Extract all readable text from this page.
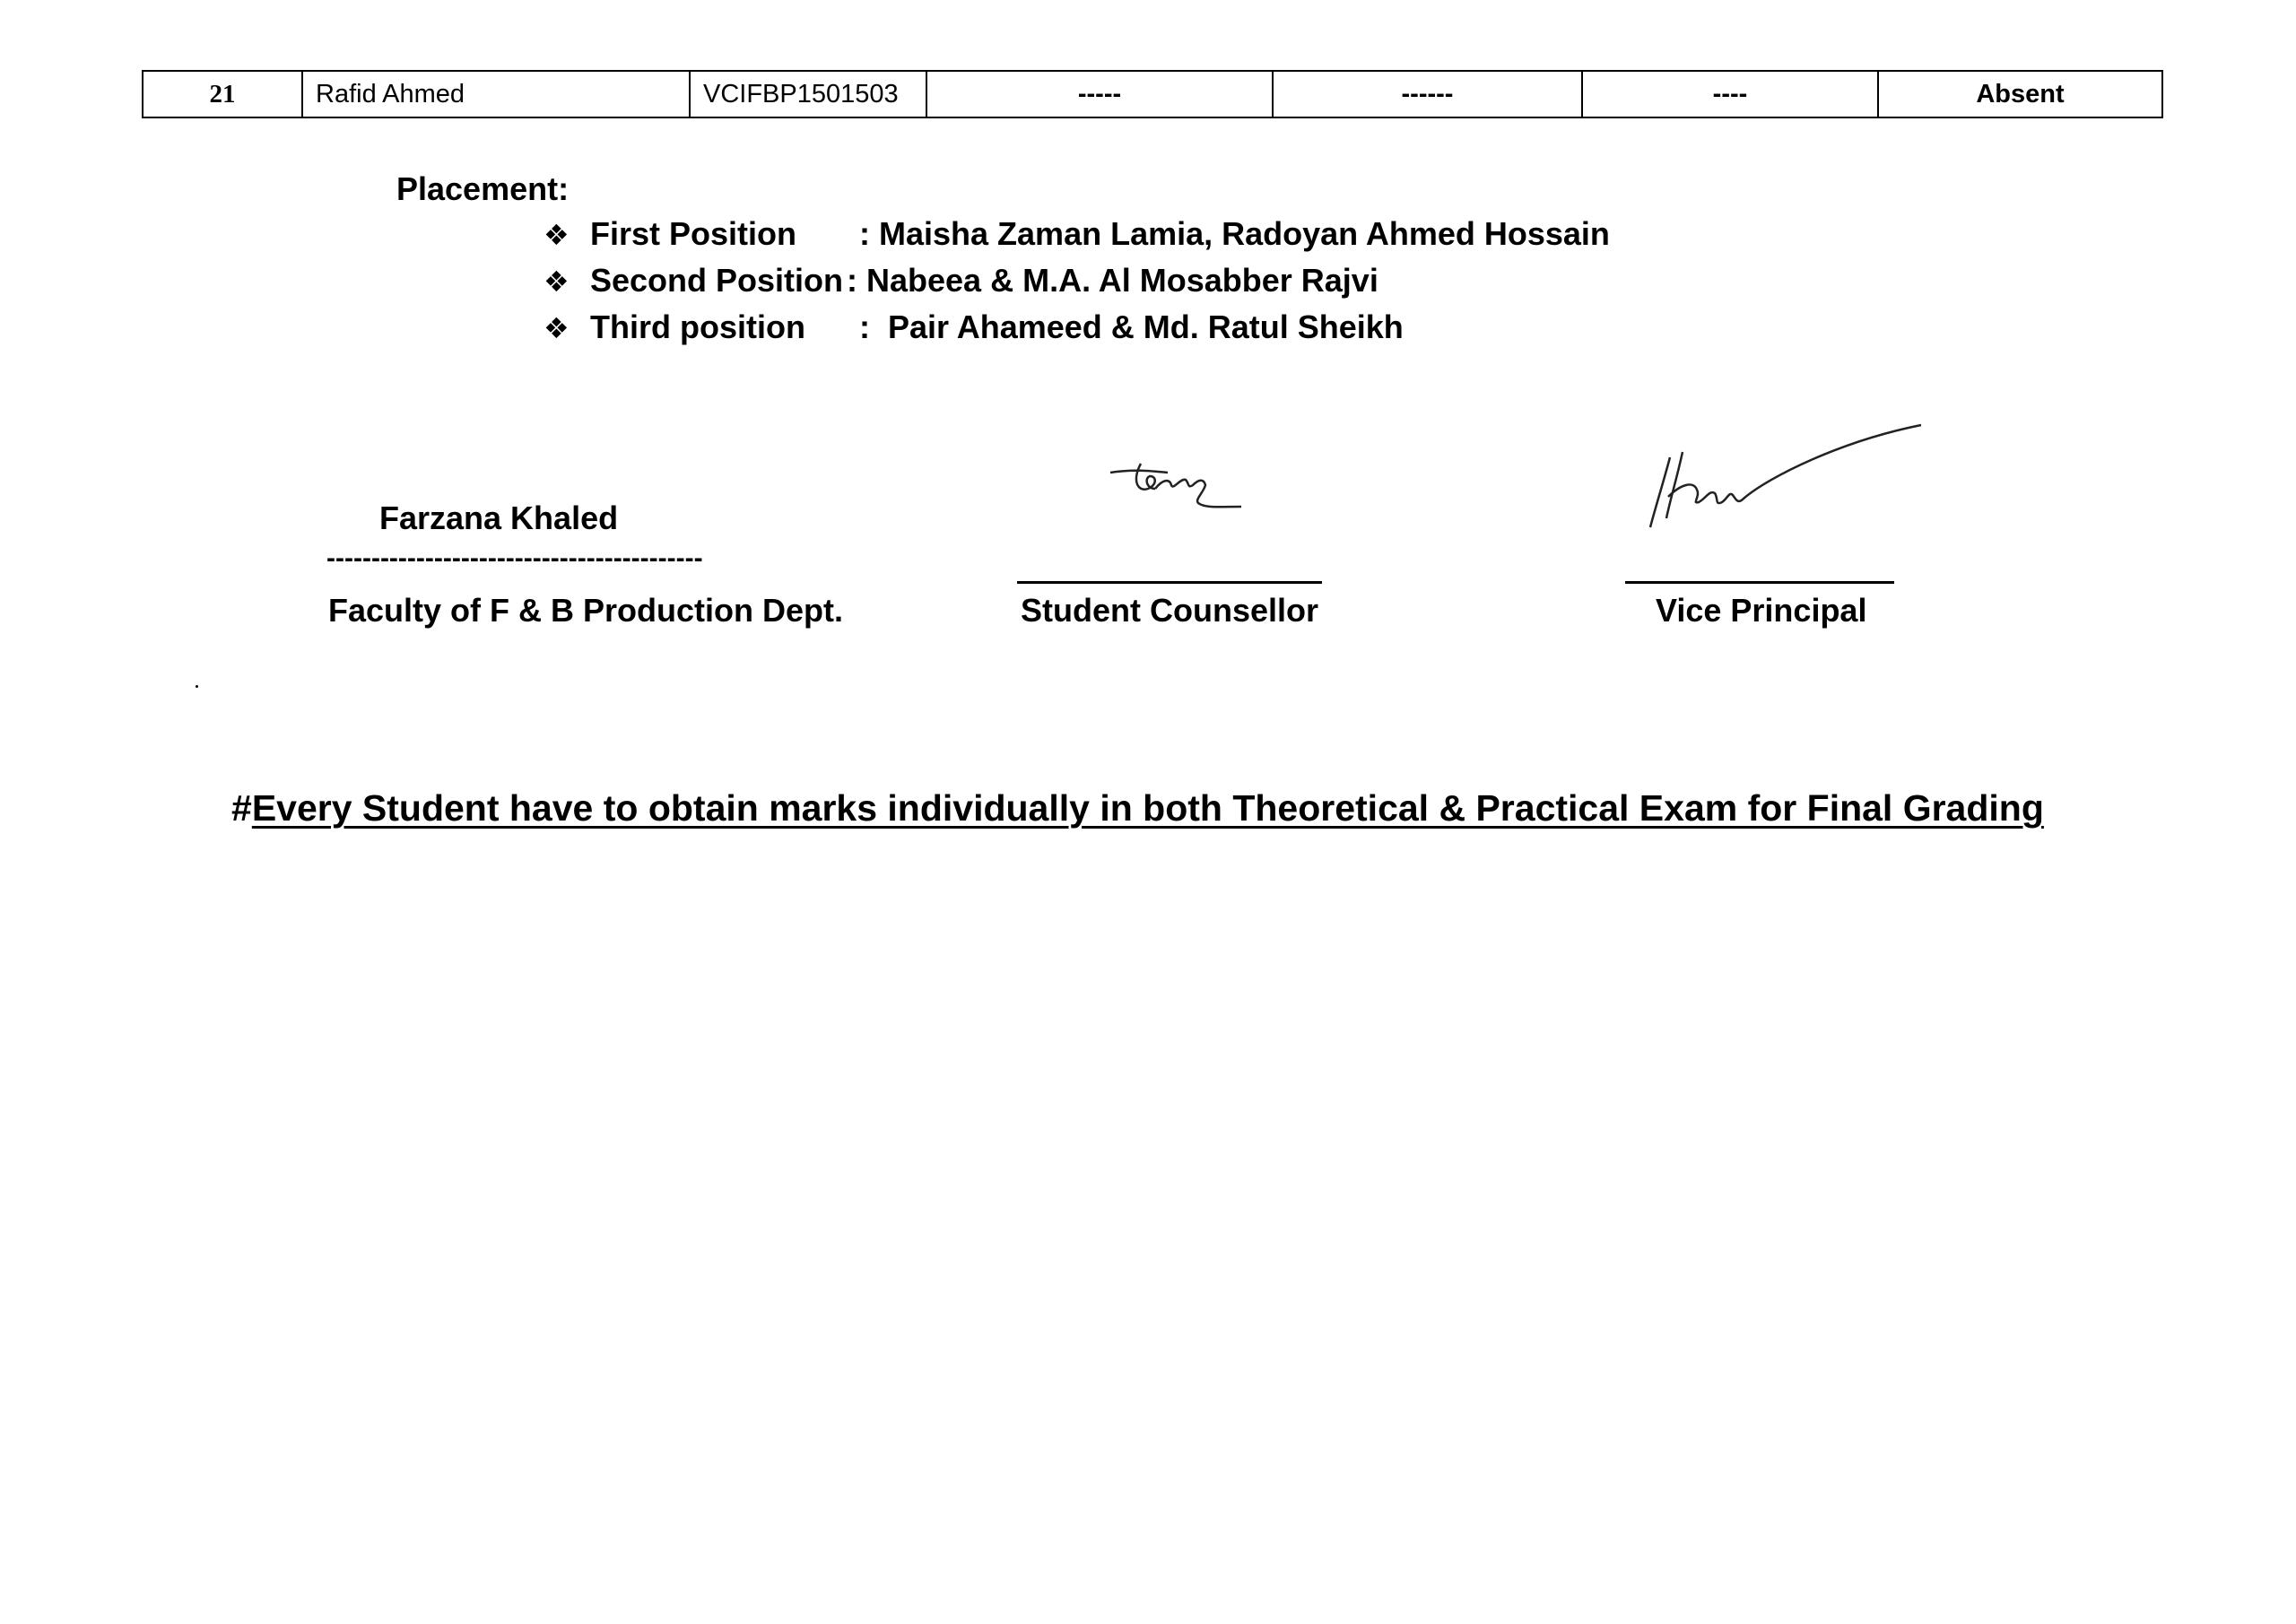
21	Rafid Ahmed	VCIFBP1501503	-----	------	----	Absent
Placement:
❖ First Position	: Maisha Zaman Lamia, Radoyan Ahmed Hossain
❖ Second Position : Nabeea & M.A. Al Mosabber Rajvi
❖ Third position	: Pair Ahameed & Md. Ratul Sheikh
Farzana Khaled
------------------------------------------
Faculty of F & B Production Dept.	Student Counsellor	Vice Principal
#Every Student have to obtain marks individually in both Theoretical & Practical Exam for Final Grading
